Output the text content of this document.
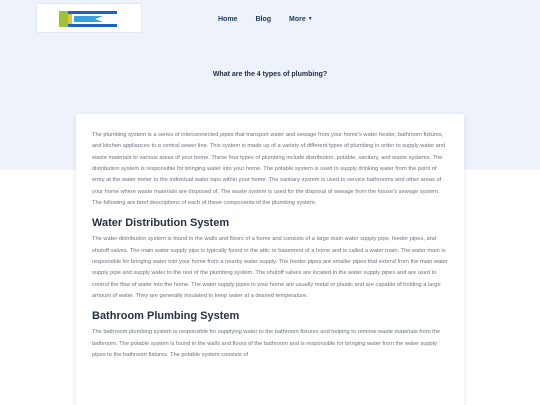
Home	Blog	More ▼
What are the 4 types of plumbing?

The plumbing system is a series of interconnected pipes that transport water and sewage from your home's water heater, bathroom fixtures, and kitchen appliances to a central sewer line. This system is made up of a variety of different types of plumbing in order to supply water and waste materials to various areas of your home. These four types of plumbing include distribution, potable, sanitary, and waste systems. The distribution system is responsible for bringing water into your home. The potable system is used to supply drinking water from the point of entry at the water meter to the individual water taps within your home. The sanitary system is used to service bathrooms and other areas of your home where waste materials are disposed of. The waste system is used for the disposal of sewage from the house's sewage system. The following are brief descriptions of each of these components of the plumbing system:

Water Distribution System

The water distribution system is found in the walls and floors of a home and consists of a large main water supply pipe, feeder pipes, and shutoff valves. The main water supply pipe is typically found in the attic or basement of a home and is called a water main. The water main is responsible for bringing water into your home from a nearby water supply. The feeder pipes are smaller pipes that extend from the main water supply pipe and supply water to the rest of the plumbing system. The shutoff valves are located in the water supply pipes and are used to control the flow of water into the home. The water supply pipes in your home are usually metal or plastic and are capable of holding a large amount of water. They are generally insulated to keep water at a desired temperature.

Bathroom Plumbing System

The bathroom plumbing system is responsible for supplying water to the bathroom fixtures and helping to remove waste materials from the bathroom. The potable system is found in the walls and floors of the bathroom and is responsible for bringing water from the water supply pipes to the bathroom fixtures. The potable system consists of
